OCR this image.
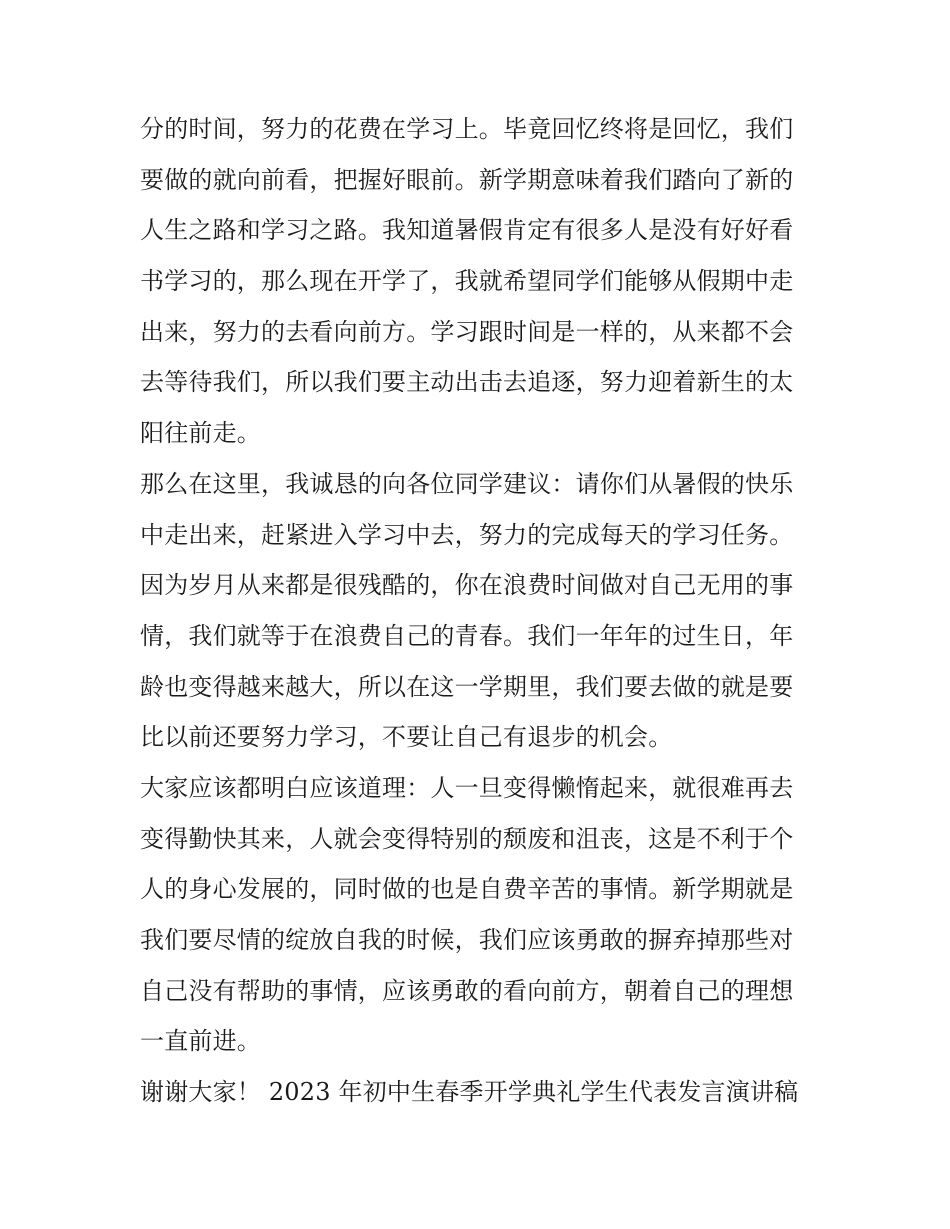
分的时间，努力的花费在学习上。毕竟回忆终将是回忆，我们
要做的就向前看，把握好眼前。新学期意味着我们踏向了新的
人生之路和学习之路。我知道暑假肯定有很多人是没有好好看
书学习的，那么现在开学了，我就希望同学们能够从假期中走
出来，努力的去看向前方。学习跟时间是一样的，从来都不会
去等待我们，所以我们要主动出击去追逐，努力迎着新生的太
阳往前走。
那么在这里，我诚恳的向各位同学建议：请你们从暑假的快乐
中走出来，赶紧进入学习中去，努力的完成每天的学习任务。
因为岁月从来都是很残酷的，你在浪费时间做对自己无用的事
情，我们就等于在浪费自己的青春。我们一年年的过生日，年
龄也变得越来越大，所以在这一学期里，我们要去做的就是要
比以前还要努力学习，不要让自己有退步的机会。
大家应该都明白应该道理：人一旦变得懒惰起来，就很难再去
变得勤快其来，人就会变得特别的颓废和沮丧，这是不利于个
人的身心发展的，同时做的也是自费辛苦的事情。新学期就是
我们要尽情的绽放自我的时候，我们应该勇敢的摒弃掉那些对
自己没有帮助的事情，应该勇敢的看向前方，朝着自己的理想
一直前进。
谢谢大家！ 2023 年初中生春季开学典礼学生代表发言演讲稿
